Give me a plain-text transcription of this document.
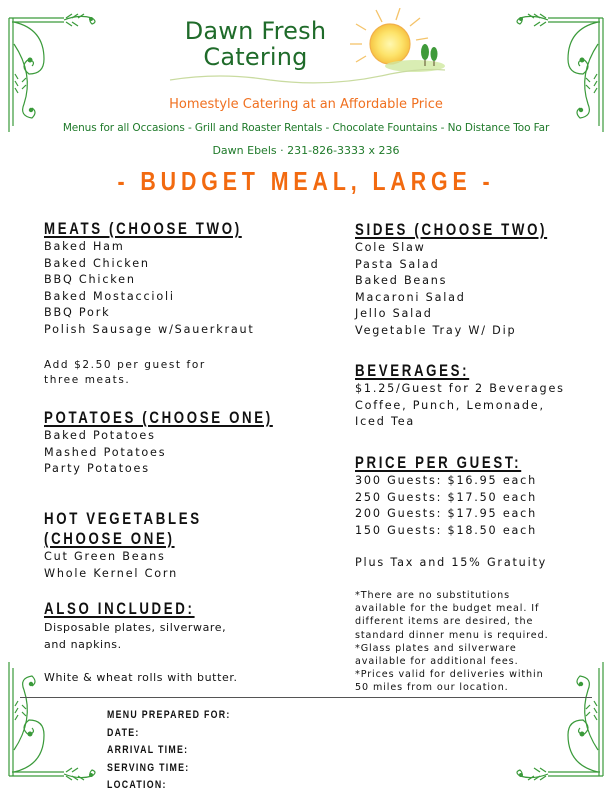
Dawn Fresh
Catering
Homestyle Catering at an Affordable Price
Menus for all Occasions - Grill and Roaster Rentals - Chocolate Fountains - No Distance Too Far
Dawn Ebels · 231-826-3333 x 236
- BUDGET MEAL, LARGE -
MEATS (CHOOSE TWO)
Baked Ham
Baked Chicken
BBQ Chicken
Baked Mostaccioli
BBQ Pork
Polish Sausage w/Sauerkraut
Add $2.50 per guest for
three meats.
POTATOES (CHOOSE ONE)
Baked Potatoes
Mashed Potatoes
Party Potatoes
HOT VEGETABLES
(CHOOSE ONE)
Cut Green Beans
Whole Kernel Corn
ALSO INCLUDED:
Disposable plates, silverware,
and napkins.
White & wheat rolls with butter.
SIDES (CHOOSE TWO)
Cole Slaw
Pasta Salad
Baked Beans
Macaroni Salad
Jello Salad
Vegetable Tray W/ Dip
BEVERAGES:
$1.25/Guest for 2 Beverages
Coffee, Punch, Lemonade,
Iced Tea
PRICE PER GUEST:
300 Guests: $16.95 each
250 Guests: $17.50 each
200 Guests: $17.95 each
150 Guests: $18.50 each
Plus Tax and 15% Gratuity
*There are no substitutions
available for the budget meal. If
different items are desired, the
standard dinner menu is required.
*Glass plates and silverware
available for additional fees.
*Prices valid for deliveries within
50 miles from our location.
MENU PREPARED FOR:
DATE:
ARRIVAL TIME:
SERVING TIME:
LOCATION:
